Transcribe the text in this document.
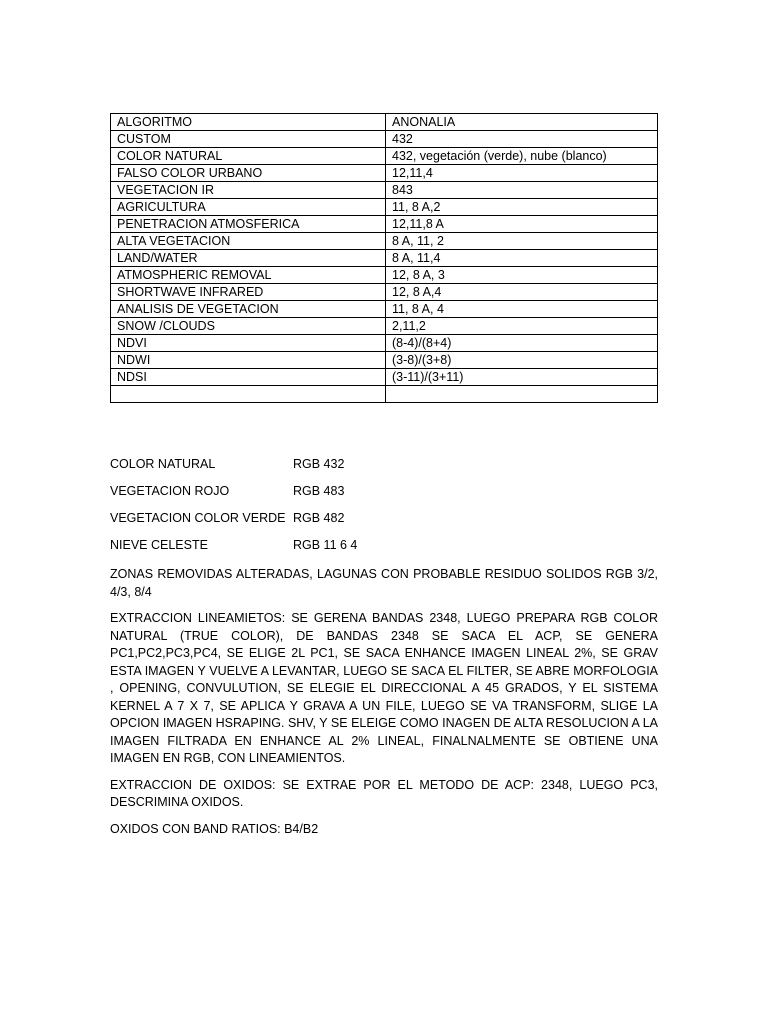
ALGORITMO	ANONALIA
CUSTOM	432
COLOR NATURAL	432, vegetación (verde), nube (blanco)
FALSO COLOR URBANO	12,11,4
VEGETACION IR	843
AGRICULTURA	11, 8 A,2
PENETRACION ATMOSFERICA	12,11,8 A
ALTA VEGETACION	8 A, 11, 2
LAND/WATER	8 A, 11,4
ATMOSPHERIC REMOVAL	12, 8 A, 3
SHORTWAVE INFRARED	12, 8 A,4
ANALISIS DE VEGETACION	11, 8 A, 4
SNOW /CLOUDS	2,11,2
NDVI	(8-4)/(8+4)
NDWI	(3-8)/(3+8)
NDSI	(3-11)/(3+11)

COLOR NATURAL	RGB 432
VEGETACION ROJO	RGB 483
VEGETACION COLOR VERDE RGB 482
NIEVE CELESTE	RGB 11 6 4

ZONAS REMOVIDAS ALTERADAS, LAGUNAS CON PROBABLE RESIDUO SOLIDOS RGB 3/2, 4/3, 8/4

EXTRACCION LINEAMIETOS: SE GERENA BANDAS 2348, LUEGO PREPARA RGB COLOR NATURAL (TRUE COLOR), DE BANDAS 2348 SE SACA EL ACP, SE GENERA PC1,PC2,PC3,PC4, SE ELIGE 2L PC1, SE SACA ENHANCE IMAGEN LINEAL 2%, SE GRAV ESTA IMAGEN Y VUELVE A LEVANTAR, LUEGO SE SACA EL FILTER, SE ABRE MORFOLOGIA , OPENING, CONVULUTION, SE ELEGIE EL DIRECCIONAL A 45 GRADOS, Y EL SISTEMA KERNEL A 7 X 7, SE APLICA Y GRAVA A UN FILE, LUEGO SE VA TRANSFORM, SLIGE LA OPCION IMAGEN HSRAPING. SHV, Y SE ELEIGE COMO INAGEN DE ALTA RESOLUCION A LA IMAGEN FILTRADA EN ENHANCE AL 2% LINEAL, FINALNALMENTE SE OBTIENE UNA IMAGEN EN RGB, CON LINEAMIENTOS.

EXTRACCION DE OXIDOS: SE EXTRAE POR EL METODO DE ACP: 2348, LUEGO PC3, DESCRIMINA OXIDOS.

OXIDOS CON BAND RATIOS: B4/B2
